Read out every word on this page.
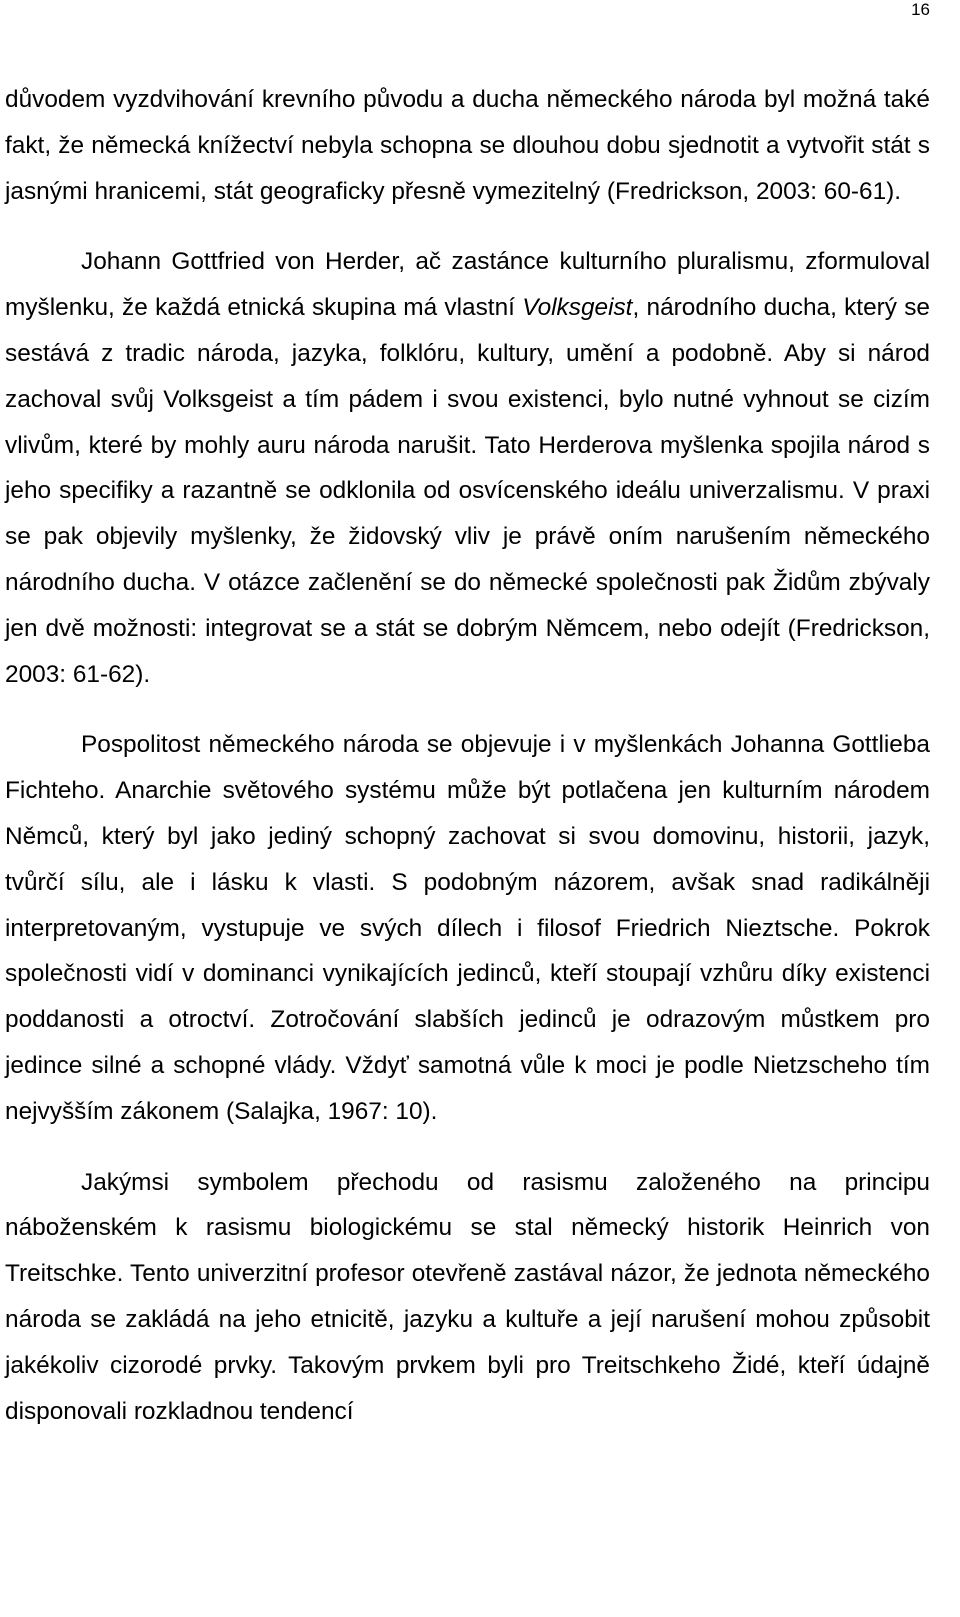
16

důvodem vyzdvihování krevního původu a ducha německého národa byl možná také fakt, že německá knížectví nebyla schopna se dlouhou dobu sjednotit a vytvořit stát s jasnými hranicemi, stát geograficky přesně vymezitelný (Fredrickson, 2003: 60-61).

Johann Gottfried von Herder, ač zastánce kulturního pluralismu, zformuloval myšlenku, že každá etnická skupina má vlastní Volksgeist, národního ducha, který se sestává z tradic národa, jazyka, folklóru, kultury, umění a podobně. Aby si národ zachoval svůj Volksgeist a tím pádem i svou existenci, bylo nutné vyhnout se cizím vlivům, které by mohly auru národa narušit. Tato Herderova myšlenka spojila národ s jeho specifiky a razantně se odklonila od osvícenského ideálu univerzalismu. V praxi se pak objevily myšlenky, že židovský vliv je právě oním narušením německého národního ducha. V otázce začlenění se do německé společnosti pak Židům zbývaly jen dvě možnosti: integrovat se a stát se dobrým Němcem, nebo odejít (Fredrickson, 2003: 61-62).

Pospolitost německého národa se objevuje i v myšlenkách Johanna Gottlieba Fichteho. Anarchie světového systému může být potlačena jen kulturním národem Němců, který byl jako jediný schopný zachovat si svou domovinu, historii, jazyk, tvůrčí sílu, ale i lásku k vlasti. S podobným názorem, avšak snad radikálněji interpretovaným, vystupuje ve svých dílech i filosof Friedrich Nieztsche. Pokrok společnosti vidí v dominanci vynikajících jedinců, kteří stoupají vzhůru díky existenci poddanosti a otroctví. Zotročování slabších jedinců je odrazovým můstkem pro jedince silné a schopné vlády. Vždyť samotná vůle k moci je podle Nietzscheho tím nejvyšším zákonem (Salajka, 1967: 10).

Jakýmsi symbolem přechodu od rasismu založeného na principu náboženském k rasismu biologickému se stal německý historik Heinrich von Treitschke. Tento univerzitní profesor otevřeně zastával názor, že jednota německého národa se zakládá na jeho etnicitě, jazyku a kultuře a její narušení mohou způsobit jakékoliv cizorodé prvky. Takovým prvkem byli pro Treitschkeho Židé, kteří údajně disponovali rozkladnou tendencí
